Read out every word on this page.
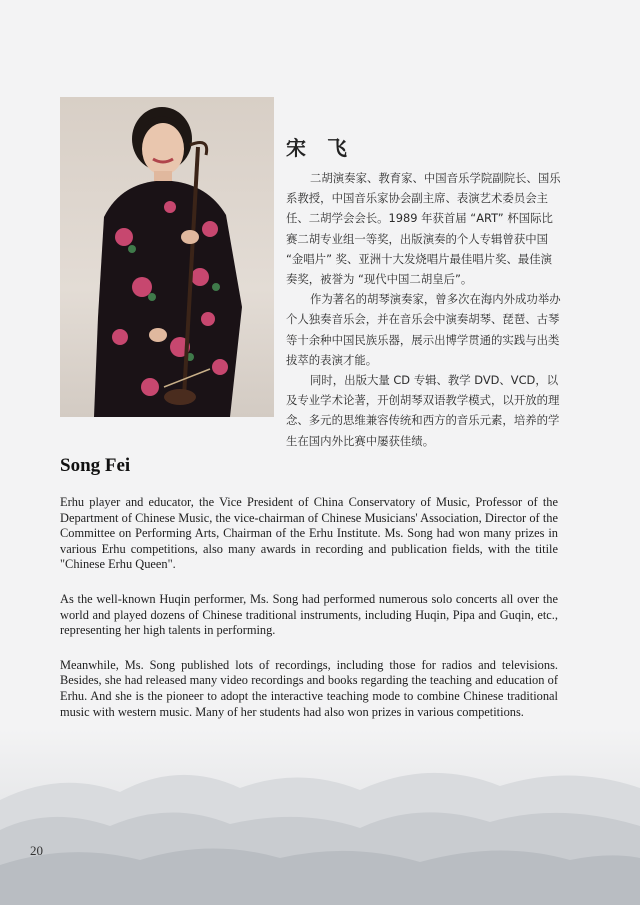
宋 飞

二胡演奏家、教育家、中国音乐学院副院长、国乐系教授，中国音乐家协会副主席、表演艺术委员会主任、二胡学会会长。1989 年获首届 “ART” 杯国际比赛二胡专业组一等奖，出版演奏的个人专辑曾获中国 “金唱片” 奖、亚洲十大发烧唱片最佳唱片奖、最佳演奏奖，被誉为 “现代中国二胡皇后”。

作为著名的胡琴演奏家，曾多次在海内外成功举办个人独奏音乐会，并在音乐会中演奏胡琴、琵琶、古琴等十余种中国民族乐器，展示出博学贯通的实践与出类拔萃的表演才能。

同时，出版大量 CD 专辑、教学 DVD、VCD，以及专业学术论著，开创胡琴双语教学模式，以开放的理念、多元的思维兼容传统和西方的音乐元素，培养的学生在国内外比赛中屡获佳绩。

Song Fei

Erhu player and educator, the Vice President of China Conservatory of Music, Professor of the Department of Chinese Music, the vice-chairman of Chinese Musicians' Association, Director of the Committee on Performing Arts, Chairman of the Erhu Institute. Ms. Song had won many prizes in various Erhu competitions, also many awards in recording and publication fields, with the titile "Chinese Erhu Queen".

As the well-known Huqin performer, Ms. Song had performed numerous solo concerts all over the world and played dozens of Chinese traditional instruments, including Huqin, Pipa and Guqin, etc., representing her high talents in performing.

Meanwhile, Ms. Song published lots of recordings, including those for radios and televisions. Besides, she had released many video recordings and books regarding the teaching and education of Erhu. And she is the pioneer to adopt the interactive teaching mode to combine Chinese traditional music with western music. Many of her students had also won prizes in various competitions.

20
